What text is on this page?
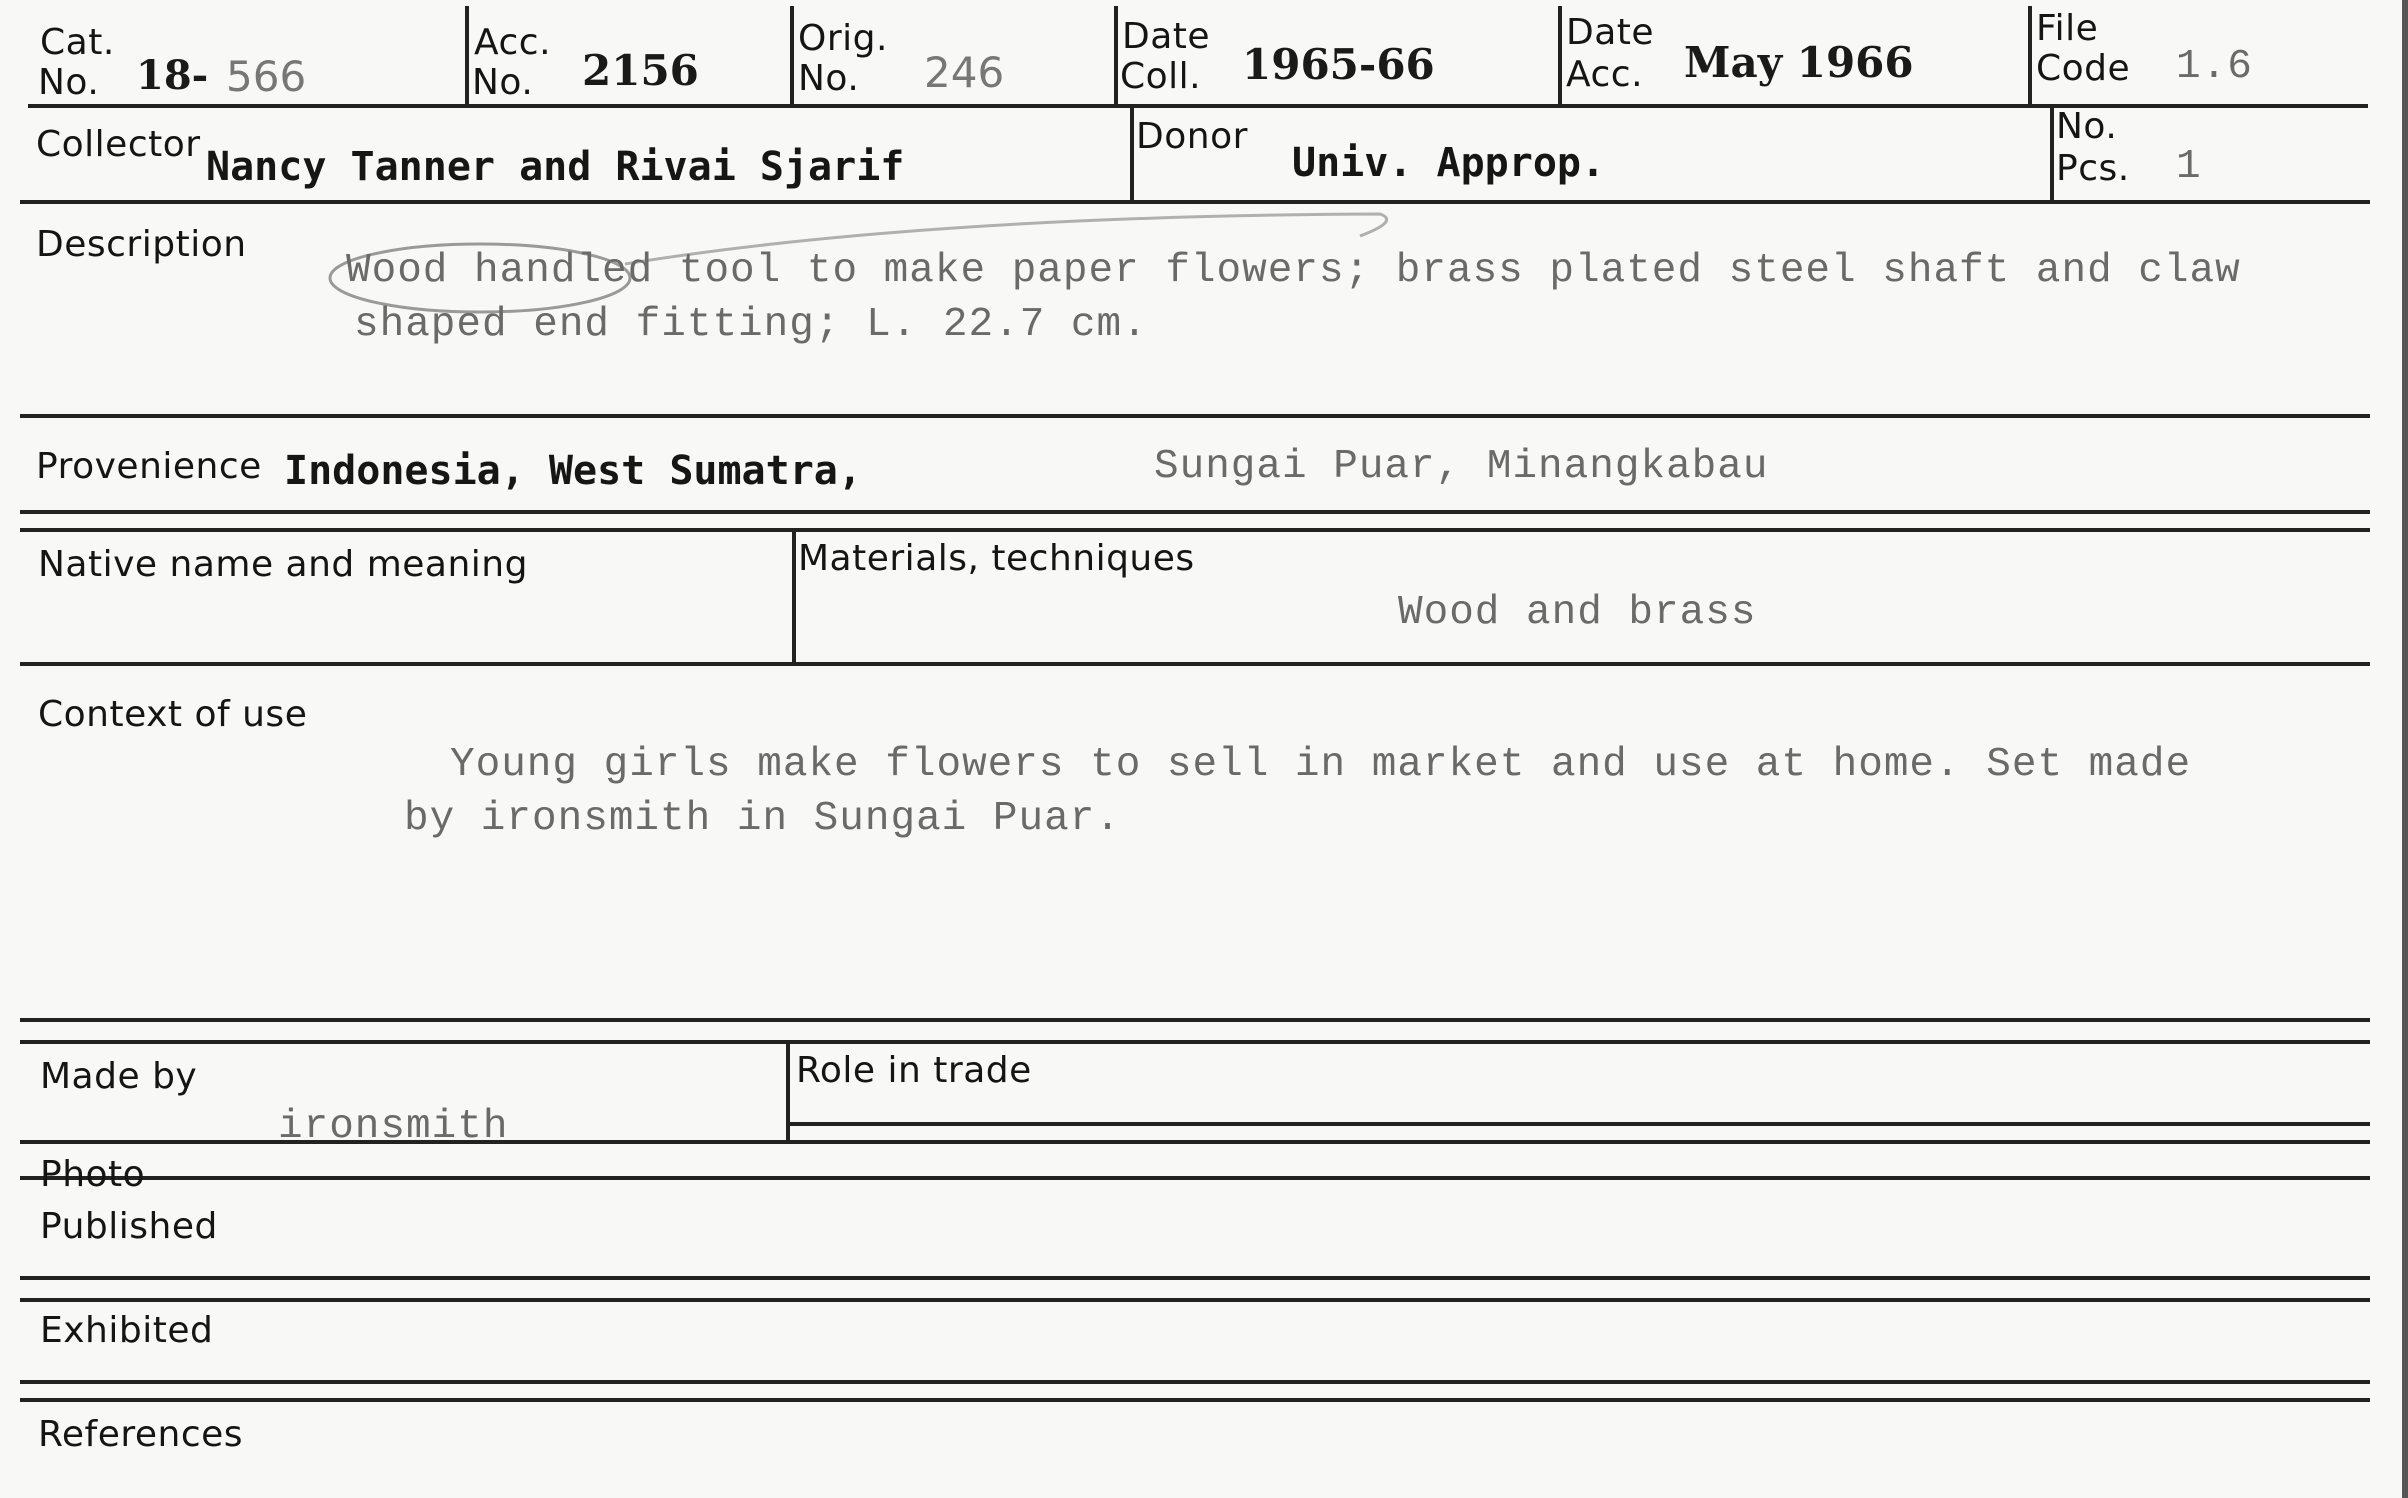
Cat.
No. 18- 566
Acc.
No. 2156
Orig.
No. 246
Date
Coll. 1965-66
Date
Acc. May 1966
File
Code 1.6
Collector Nancy Tanner and Rivai Sjarif
Donor
Univ. Approp.
No.
Pcs. 1
Description
Wood handled tool to make paper flowers; brass plated steel shaft and claw
shaped end fitting; L. 22.7 cm.
Provenience Indonesia, West Sumatra,	Sungai Puar, Minangkabau
Native name and meaning	Materials, techniques
Wood and brass
Context of use
Young girls make flowers to sell in market and use at home. Set made
by ironsmith in Sungai Puar.
Made by
ironsmith
Role in trade
Photo
Published
Exhibited
References
